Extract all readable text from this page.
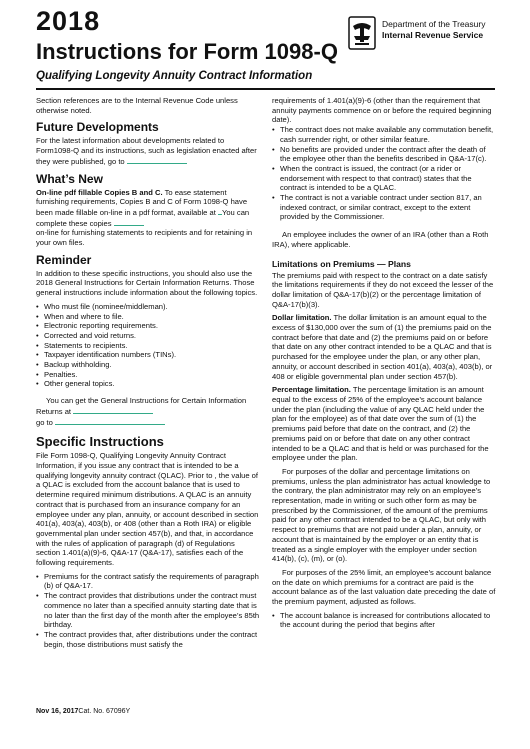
2018
Instructions for Form 1098-Q
Qualifying Longevity Annuity Contract Information
Department of the Treasury
Internal Revenue Service

Section references are to the Internal Revenue Code unless otherwise noted.

Future Developments

For the latest information about developments related to Form1098-Q and its instructions, such as legislation enacted after they were published, go to

What’s New

On-line pdf fillable Copies B and C. To ease statement furnishing requirements, Copies B and C of Form 1098-Q have been made fillable on-line in a pdf format, available at You can complete these copies
on-line for furnishing statements to recipients and for retaining in your own files.

Reminder

In addition to these specific instructions, you should also use the 2018 General Instructions for Certain Information Returns. Those general instructions include information about the following topics.

• Who must file (nominee/middleman).
• When and where to file.
• Electronic reporting requirements.
• Corrected and void returns.
• Statements to recipients.
• Taxpayer identification numbers (TINs).
• Backup withholding.
• Penalties.
• Other general topics.

You can get the General Instructions for Certain Information Returns at
go to

Specific Instructions

File Form 1098-Q, Qualifying Longevity Annuity Contract Information, if you issue any contract that is intended to be a qualifying longevity annuity contract (QLAC). Prior to , the value of a QLAC is excluded from the account balance that is used to determine required minimum distributions. A QLAC is an annuity contract that is purchased from an insurance company for an employee under any plan, annuity, or account described in section 401(a), 403(a), 403(b), or 408 (other than a Roth IRA) or eligible governmental plan under section 457(b), and that, in accordance with the rules of application of paragraph (d) of Regulations section 1.401(a)(9)-6, Q&A-17 (Q&A-17), satisfies each of the following requirements.

• Premiums for the contract satisfy the requirements of paragraph (b) of Q&A-17.
• The contract provides that distributions under the contract must commence no later than a specified annuity starting date that is no later than the first day of the month after the employee’s 85th birthday.
• The contract provides that, after distributions under the contract begin, those distributions must satisfy the

requirements of 1.401(a)(9)-6 (other than the requirement that annuity payments commence on or before the required beginning date).

• The contract does not make available any commutation benefit, cash surrender right, or other similar feature.
• No benefits are provided under the contract after the death of the employee other than the benefits described in Q&A-17(c).
• When the contract is issued, the contract (or a rider or endorsement with respect to that contract) states that the contract is intended to be a QLAC.
• The contract is not a variable contract under section 817, an indexed contract, or similar contract, except to the extent provided by the Commissioner.

An employee includes the owner of an IRA (other than a Roth IRA), where applicable.

Limitations on Premiums — Plans

The premiums paid with respect to the contract on a date satisfy the limitations requirements if they do not exceed the lesser of the dollar limitation of Q&A-17(b)(2) or the percentage limitation of Q&A-17(b)(3).

Dollar limitation. The dollar limitation is an amount equal to the excess of $130,000 over the sum of (1) the premiums paid on the contract before that date and (2) the premiums paid on or before that date on any other contract intended to be a QLAC and that is purchased for the employee under the plan, or any other plan, annuity, or account described in section 401(a), 403(a), 403(b), or 408 or eligible governmental plan under section 457(b).

Percentage limitation. The percentage limitation is an amount equal to the excess of 25% of the employee’s account balance under the plan (including the value of any QLAC held under the plan for the employee) as of that date over the sum of (1) the premiums paid before that date on the contract, and (2) the premiums paid on or before that date on any other contract intended to be a QLAC and that is held or was purchased for the employee under the plan.

For purposes of the dollar and percentage limitations on premiums, unless the plan administrator has actual knowledge to the contrary, the plan administrator may rely on an employee’s representation, made in writing or such other form as may be prescribed by the Commissioner, of the amount of the premiums paid for any other contract intended to be a QLAC, but only with respect to premiums that are not paid under a plan, annuity, or account that is maintained by the employer or an entity that is treated as a single employer with the employer under section 414(b), (c), (m), or (o).

For purposes of the 25% limit, an employee’s account balance on the date on which premiums for a contract are paid is the account balance as of the last valuation date preceding the date of the premium payment, adjusted as follows.

• The account balance is increased for contributions allocated to the account during the period that begins after
Nov 16, 2017Cat. No. 67096Y
